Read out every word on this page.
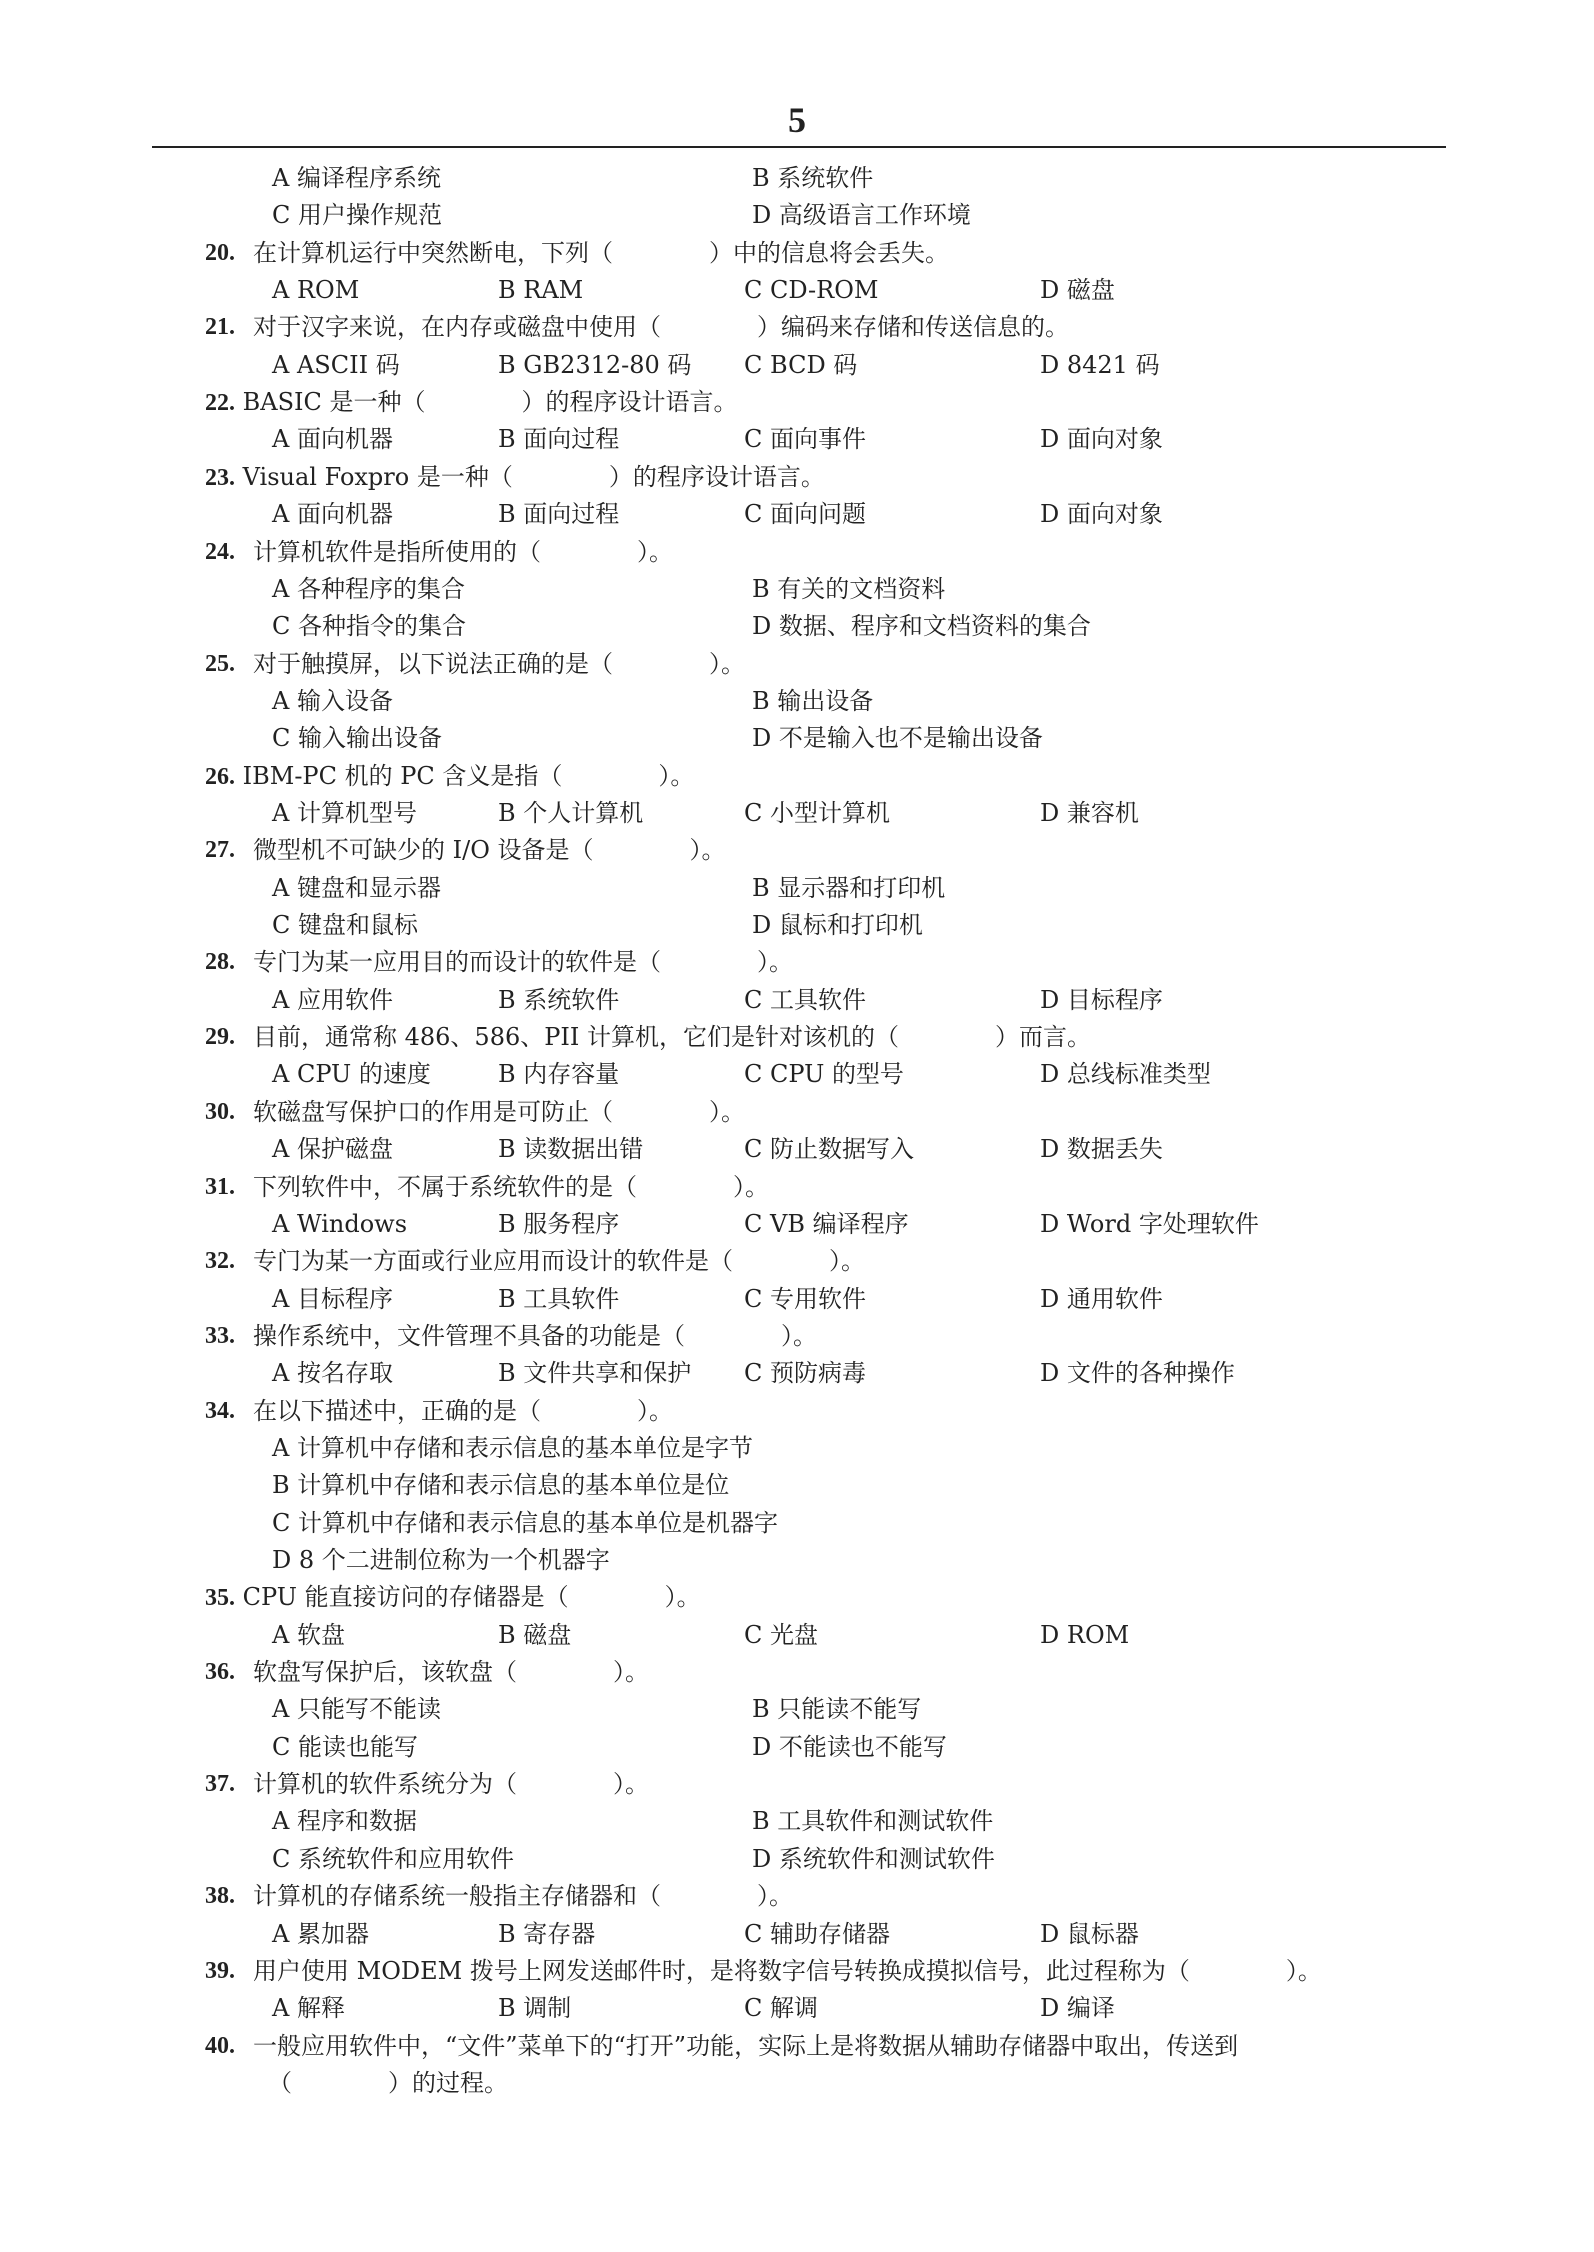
5
A 编译程序系统	B 系统软件
C 用户操作规范	D 高级语言工作环境
20. 在计算机运行中突然断电，下列（　　　　）中的信息将会丢失。
A ROM	B RAM	C CD-ROM	D 磁盘
21. 对于汉字来说，在内存或磁盘中使用（　　　　）编码来存储和传送信息的。
A ASCII 码	B GB2312-80 码 C BCD 码	D 8421 码
22. BASIC 是一种（　　　　）的程序设计语言。
A 面向机器	B 面向过程	C 面向事件	D 面向对象
23. Visual Foxpro 是一种（　　　　）的程序设计语言。
A 面向机器	B 面向过程	C 面向问题	D 面向对象
24. 计算机软件是指所使用的（　　　　）。
A 各种程序的集合	B 有关的文档资料
C 各种指令的集合	D 数据、程序和文档资料的集合
25. 对于触摸屏，以下说法正确的是（　　　　）。
A 输入设备	B 输出设备
C 输入输出设备	D 不是输入也不是输出设备
26. IBM-PC 机的 PC 含义是指（　　　　）。
A 计算机型号	B 个人计算机	C 小型计算机	D 兼容机
27. 微型机不可缺少的 I/O 设备是（　　　　）。
A 键盘和显示器	B 显示器和打印机
C 键盘和鼠标	D 鼠标和打印机
28. 专门为某一应用目的而设计的软件是（　　　　）。
A 应用软件	B 系统软件	C 工具软件	D 目标程序
29. 目前，通常称 486、586、PII 计算机，它们是针对该机的（　　　　）而言。
A CPU 的速度	B 内存容量	C CPU 的型号	D 总线标准类型
30. 软磁盘写保护口的作用是可防止（　　　　）。
A 保护磁盘	B 读数据出错	C 防止数据写入	D 数据丢失
31. 下列软件中，不属于系统软件的是（　　　　）。
A Windows	B 服务程序	C VB 编译程序	D Word 字处理软件
32. 专门为某一方面或行业应用而设计的软件是（　　　　）。
A 目标程序	B 工具软件	C 专用软件	D 通用软件
33. 操作系统中，文件管理不具备的功能是（　　　　）。
A 按名存取	B 文件共享和保护 C 预防病毒	D 文件的各种操作
34. 在以下描述中，正确的是（　　　　）。
A 计算机中存储和表示信息的基本单位是字节
B 计算机中存储和表示信息的基本单位是位
C 计算机中存储和表示信息的基本单位是机器字
D 8 个二进制位称为一个机器字
35. CPU 能直接访问的存储器是（　　　　）。
A 软盘	B 磁盘	C 光盘	D ROM
36. 软盘写保护后，该软盘（　　　　）。
A 只能写不能读	B 只能读不能写
C 能读也能写	D 不能读也不能写
37. 计算机的软件系统分为（　　　　）。
A 程序和数据	B 工具软件和测试软件
C 系统软件和应用软件	D 系统软件和测试软件
38. 计算机的存储系统一般指主存储器和（　　　　）。
A 累加器	B 寄存器	C 辅助存储器	D 鼠标器
39. 用户使用 MODEM 拨号上网发送邮件时，是将数字信号转换成摸拟信号，此过程称为（　　　　）。
A 解释	B 调制	C 解调	D 编译
40. 一般应用软件中，“文件”菜单下的“打开”功能，实际上是将数据从辅助存储器中取出，传送到
（　　　　）的过程。
